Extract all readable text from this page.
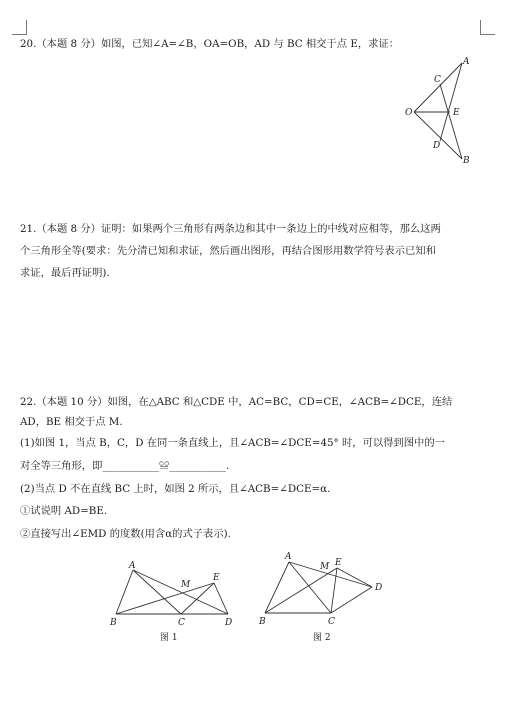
20.（本题 8 分）如图，已知∠A=∠B，OA=OB，AD 与 BC 相交于点 E，求证：
A
B
C
D
E
O
21.（本题 8 分）证明：如果两个三角形有两条边和其中一条边上的中线对应相等，那么这两
个三角形全等(要求：先分清已知和求证，然后画出图形，再结合图形用数学符号表示已知和
求证，最后再证明).
22.（本题 10 分）如图，在△ABC 和△CDE 中，AC=BC，CD=CE，∠ACB=∠DCE，连结
AD，BE 相交于点 M.
(1)如图 1，当点 B，C，D 在同一条直线上，且∠ACB=∠DCE=45° 时，可以得到图中的一
对全等三角形，即___________≌___________.
(2)当点 D 不在直线 BC 上时，如图 2 所示，且∠ACB=∠DCE=α.
①试说明 AD=BE.
②直接写出∠EMD 的度数(用含α的式子表示).
A
B	C	D
E
M
图 1
A
B	C
D
E
M
图 2
